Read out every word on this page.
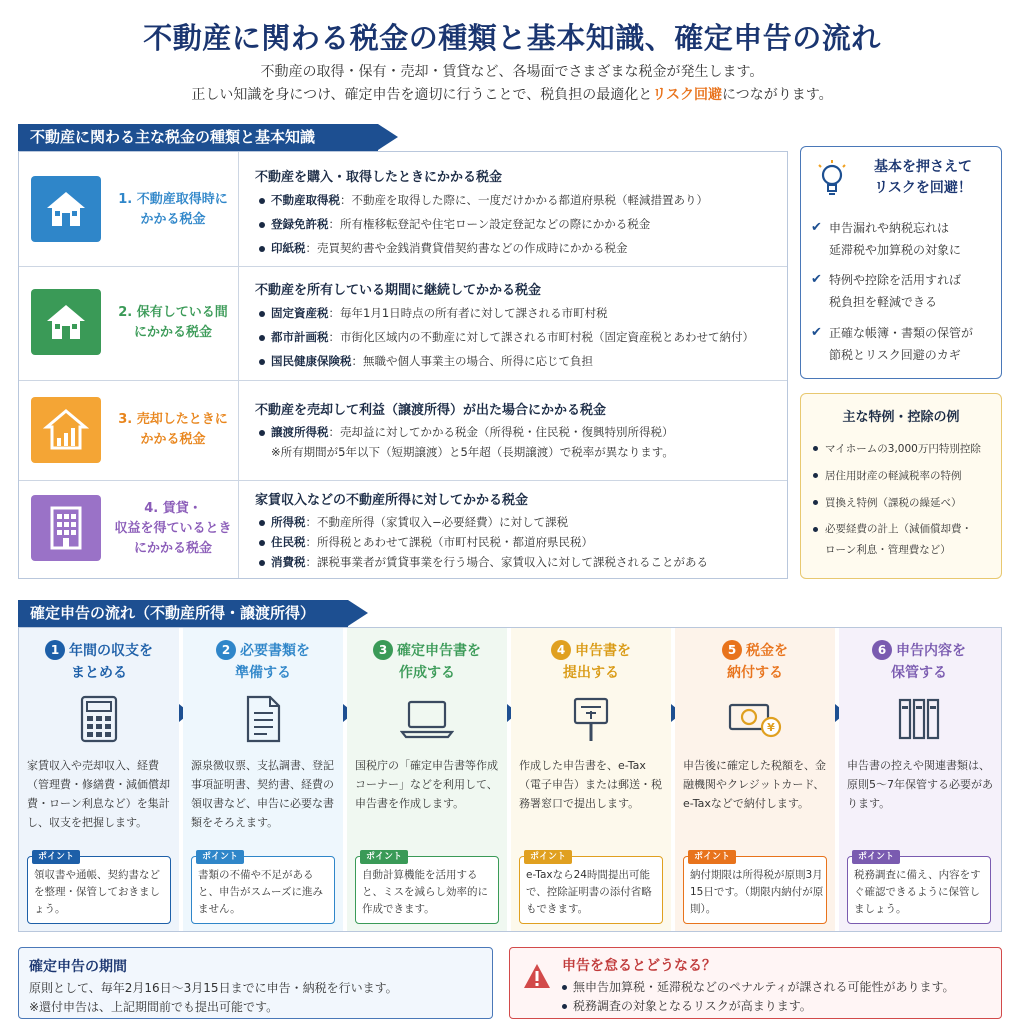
不動産に関わる税金の種類と基本知識、確定申告の流れ
不動産の取得・保有・売却・賃貸など、各場面でさまざまな税金が発生します。
正しい知識を身につけ、確定申告を適切に行うことで、税負担の最適化とリスク回避につながります。
不動産に関わる主な税金の種類と基本知識
1. 不動産取得時に
かかる税金
不動産を購入・取得したときにかかる税金
不動産取得税：不動産を取得した際に、一度だけかかる都道府県税（軽減措置あり）
登録免許税：所有権移転登記や住宅ローン設定登記などの際にかかる税金
印紙税：売買契約書や金銭消費貸借契約書などの作成時にかかる税金
2. 保有している間
にかかる税金
不動産を所有している期間に継続してかかる税金
固定資産税：毎年1月1日時点の所有者に対して課される市町村税
都市計画税：市街化区域内の不動産に対して課される市町村税（固定資産税とあわせて納付）
国民健康保険税：無職や個人事業主の場合、所得に応じて負担
3. 売却したときに
かかる税金
不動産を売却して利益（譲渡所得）が出た場合にかかる税金
譲渡所得税：売却益に対してかかる税金（所得税・住民税・復興特別所得税）
※所有期間が5年以下（短期譲渡）と5年超（長期譲渡）で税率が異なります。
4. 賃貸・
収益を得ているとき
にかかる税金
家賃収入などの不動産所得に対してかかる税金
所得税：不動産所得（家賃収入−必要経費）に対して課税
住民税：所得税とあわせて課税（市町村民税・都道府県民税）
消費税：課税事業者が賃貸事業を行う場合、家賃収入に対して課税されることがある
基本を押さえて
リスクを回避！
✔ 申告漏れや納税忘れは
延滞税や加算税の対象に
✔ 特例や控除を活用すれば
税負担を軽減できる
✔ 正確な帳簿・書類の保管が
節税とリスク回避のカギ
主な特例・控除の例
マイホームの3,000万円特別控除
居住用財産の軽減税率の特例
買換え特例（課税の繰延べ）
必要経費の計上（減価償却費・
ローン利息・管理費など）
確定申告の流れ（不動産所得・譲渡所得）
1 年間の収支を
まとめる
家賃収入や売却収入、経費（管理費・修繕費・減価償却費・ローン利息など）を集計し、収支を把握します。
ポイント
領収書や通帳、契約書などを整理・保管しておきましょう。
2 必要書類を
準備する
源泉徴収票、支払調書、登記事項証明書、契約書、経費の領収書など、申告に必要な書類をそろえます。
ポイント
書類の不備や不足があると、申告がスムーズに進みません。
3 確定申告書を
作成する
国税庁の「確定申告書等作成コーナー」などを利用して、申告書を作成します。
ポイント
自動計算機能を活用すると、ミスを減らし効率的に作成できます。
4 申告書を
提出する
作成した申告書を、e-Tax（電子申告）または郵送・税務署窓口で提出します。
ポイント
e-Taxなら24時間提出可能で、控除証明書の添付省略もできます。
5 税金を
納付する
¥
申告後に確定した税額を、金融機関やクレジットカード、e-Taxなどで納付します。
ポイント
納付期限は所得税が原則3月15日です。（期限内納付が原則）。
6 申告内容を
保管する
申告書の控えや関連書類は、原則5〜7年保管する必要があります。
ポイント
税務調査に備え、内容をすぐ確認できるように保管しましょう。
確定申告の期間
原則として、毎年2月16日〜3月15日までに申告・納税を行います。
※還付申告は、上記期間前でも提出可能です。
申告を怠るとどうなる？
無申告加算税・延滞税などのペナルティが課される可能性があります。
税務調査の対象となるリスクが高まります。
